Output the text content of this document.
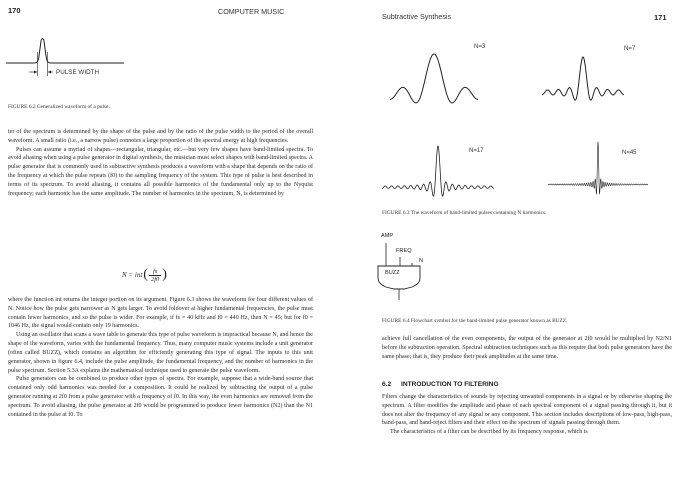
170	COMPUTER MUSIC
PULSE WIDTH
FIGURE 6.2 Generalized waveform of a pulse.

ter of the spectrum is determined by the shape of the pulse and by the ratio of the pulse width to the period of the overall waveform. A small ratio (i.e., a narrow pulse) connotes a large proportion of the spectral energy at high frequencies.

Pulses can assume a myriad of shapes—rectangular, triangular, etc.—but very few shapes have band-limited spectra. To avoid aliasing when using a pulse generator in digital synthesis, the musician must select shapes with band-limited spectra. A pulse generator that is commonly used in subtractive synthesis produces a waveform with a shape that depends on the ratio of the frequency at which the pulse repeats (f0) to the sampling frequency of the system. This type of pulse is best described in terms of its spectrum. To avoid aliasing, it contains all possible harmonics of the fundamental only up to the Nyquist frequency; each harmonic has the same amplitude. The number of harmonics in the spectrum, N, is determined by

N = int ( $\frac{fs}{2f0}$ )

where the function int returns the integer portion on its argument. Figure 6.3 shows the waveform for four different values of N. Notice how the pulse gets narrower as N gets larger. To avoid foldover at higher fundamental frequencies, the pulse must contain fewer harmonics, and so the pulse is wider. For example, if fs = 40 kHz and f0 = 440 Hz, then N = 45; but for f0 = 1046 Hz, the signal would contain only 19 harmonics.

Using an oscillator that scans a wave table to generate this type of pulse waveform is impractical because N, and hence the shape of the waveform, varies with the fundamental frequency. Thus, many computer music systems include a unit generator (often called BUZZ), which contains an algorithm for efficiently generating this type of signal. The inputs to this unit generator, shown in figure 6.4, include the pulse amplitude, the fundamental frequency, and the number of harmonics in the pulse spectrum. Section 5.3A explains the mathematical technique used to generate the pulse waveform.

Pulse generators can be combined to produce other types of spectra. For example, suppose that a wide-band source that contained only odd harmonics was needed for a composition. It could be realized by subtracting the output of a pulse generator running at 2f0 from a pulse generator with a frequency of f0. In this way, the even harmonics are removed from the spectrum. To avoid aliasing, the pulse generator at 2f0 would be programmed to produce fewer harmonics (N2) than the N1 contained in the pulse at f0. To

Subtractive Synthesis	171
N=3	N=7
N=17	N=45
FIGURE 6.3 The waveform of band-limited pulses containing N harmonics.
AMP
FREQ
N
BUZZ
FIGURE 6.4 Flowchart symbol for the band-limited pulse generator known as BUZZ.

achieve full cancellation of the even components, the output of the generator at 2f0 would be multiplied by N2/N1 before the subtraction operation. Spectral subtraction techniques such as this require that both pulse generators have the same phase; that is, they produce their peak amplitudes at the same time.

6.2 INTRODUCTION TO FILTERING

Filters change the characteristics of sounds by rejecting unwanted components in a signal or by otherwise shaping the spectrum. A filter modifies the amplitude and phase of each spectral component of a signal passing through it, but it does not alter the frequency of any signal or any component. This section includes descriptions of low-pass, high-pass, band-pass, and band-reject filters and their effect on the spectrum of signals passing through them.

The characteristics of a filter can be described by its frequency response, which is
